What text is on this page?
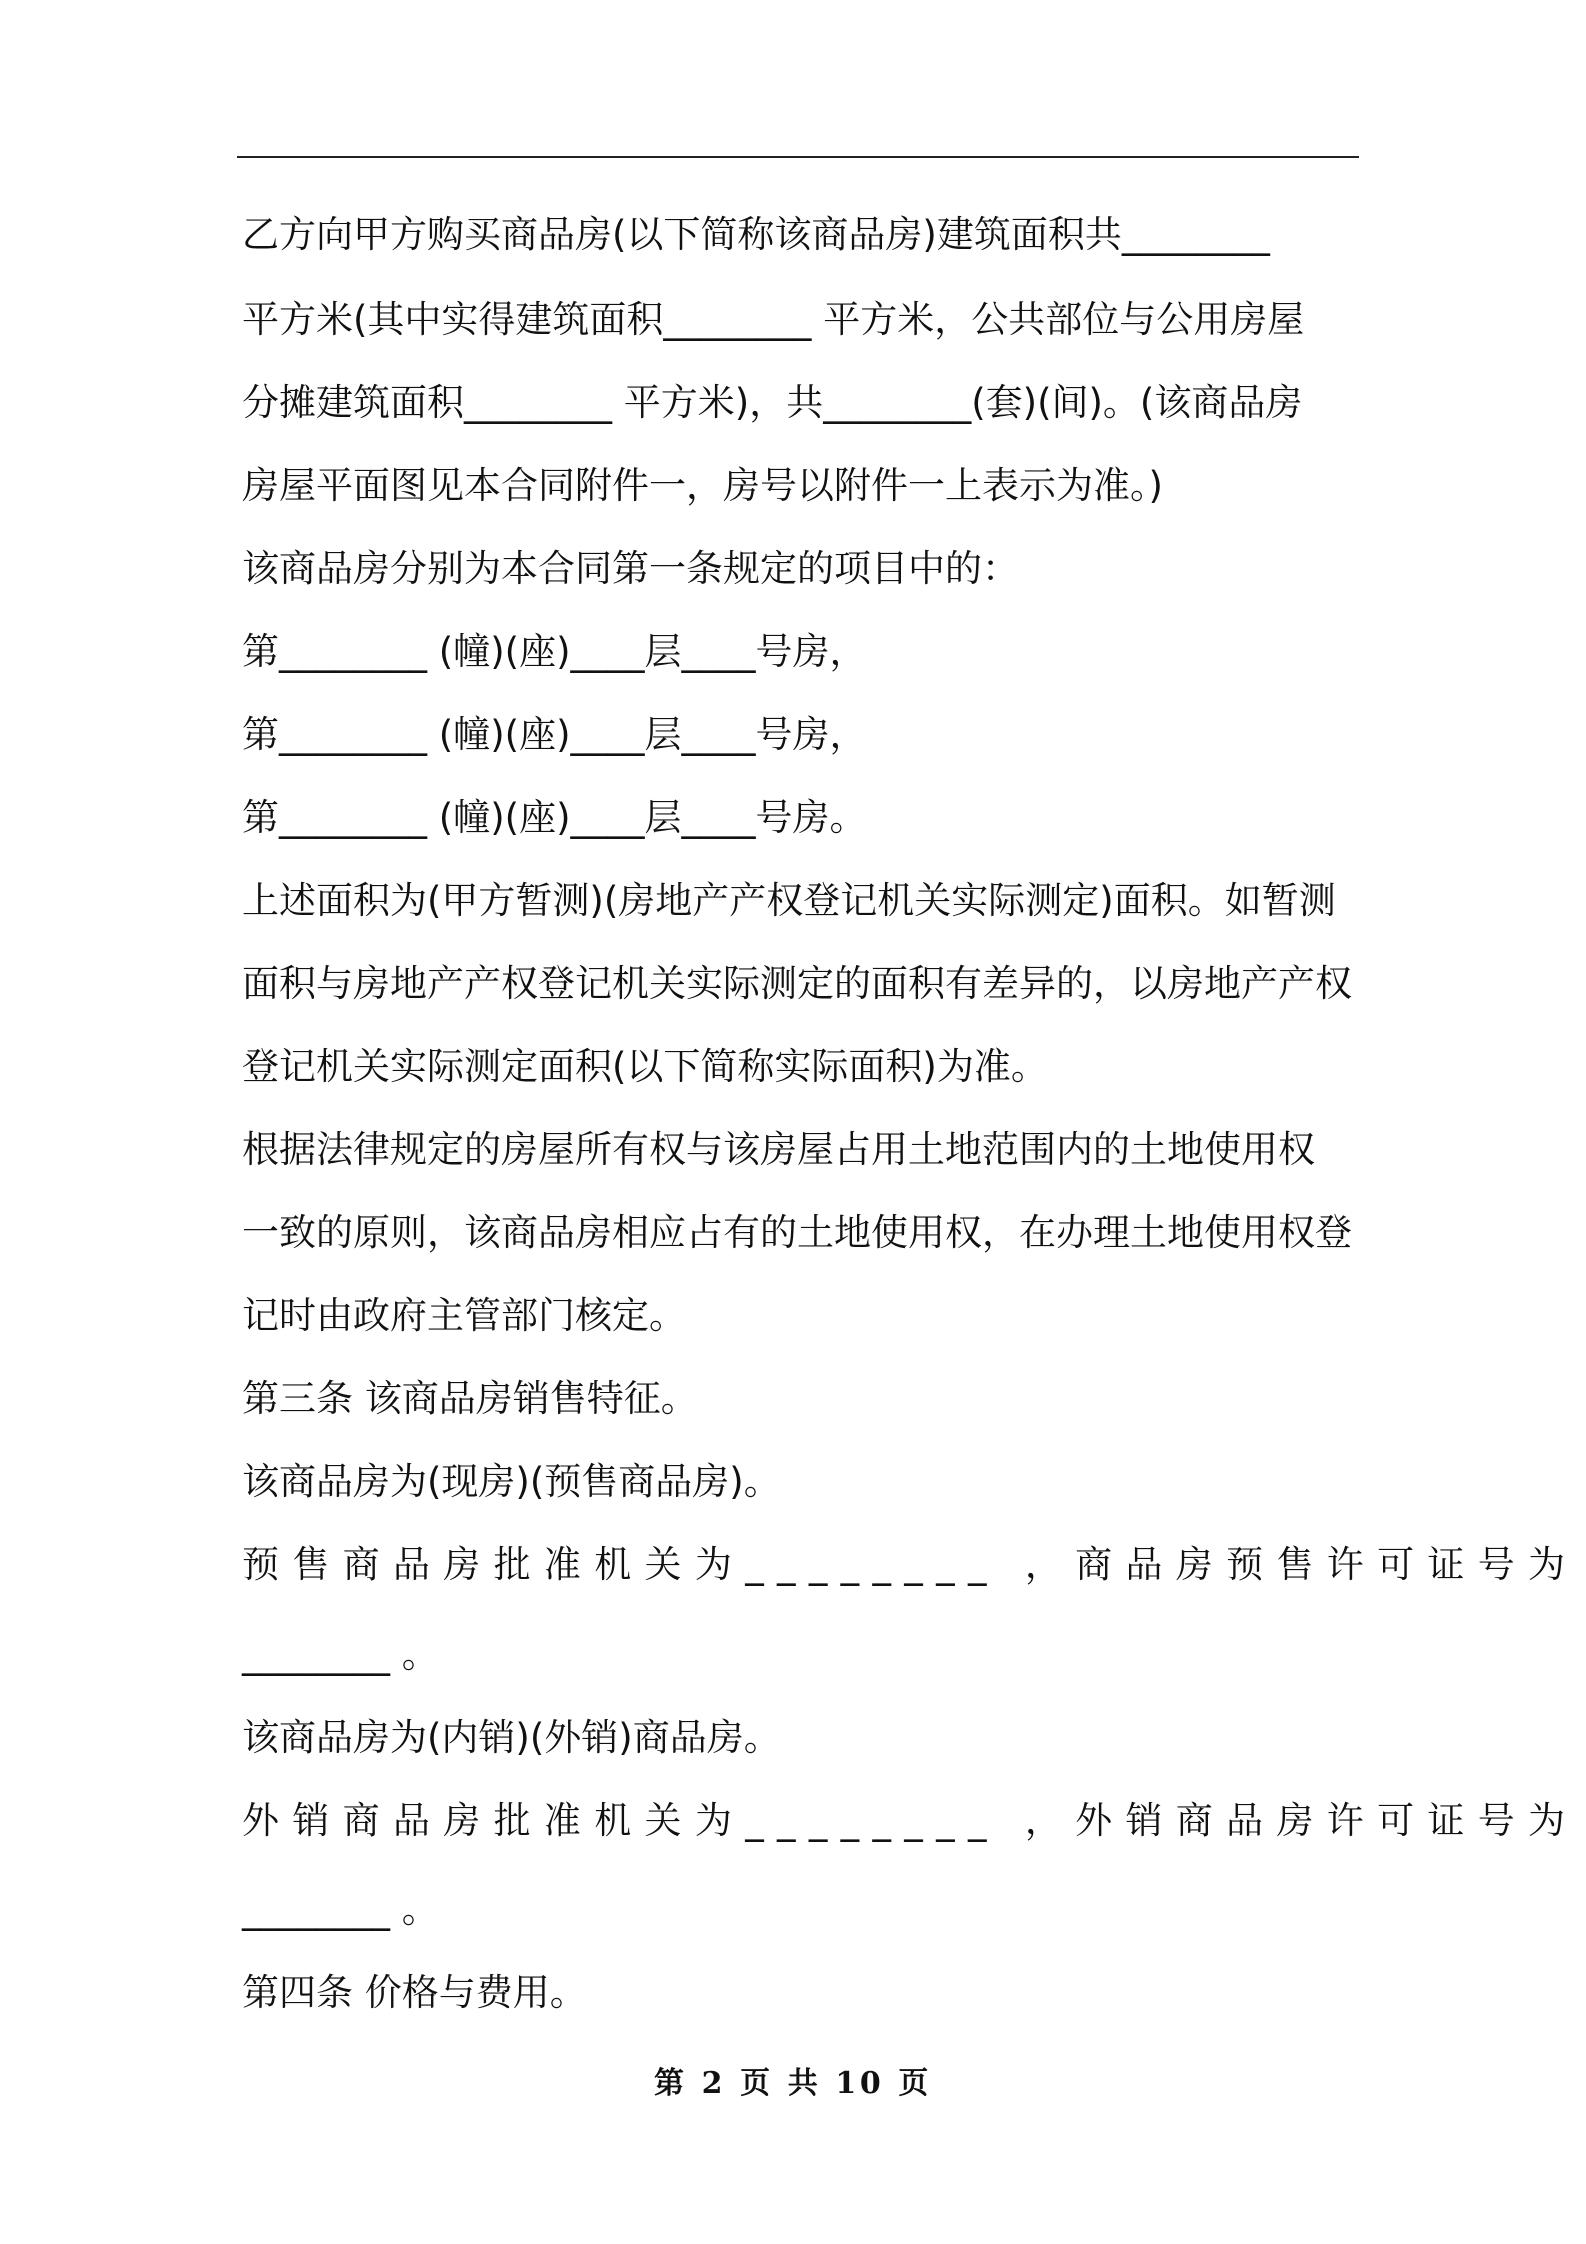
乙方向甲方购买商品房(以下简称该商品房)建筑面积共________
平方米(其中实得建筑面积________ 平方米，公共部位与公用房屋
分摊建筑面积________ 平方米)，共________(套)(间)。(该商品房
房屋平面图见本合同附件一，房号以附件一上表示为准。)
该商品房分别为本合同第一条规定的项目中的：
第________ (幢)(座)____层____号房，
第________ (幢)(座)____层____号房，
第________ (幢)(座)____层____号房。
上述面积为(甲方暂测)(房地产产权登记机关实际测定)面积。如暂测
面积与房地产产权登记机关实际测定的面积有差异的，以房地产产权
登记机关实际测定面积(以下简称实际面积)为准。
根据法律规定的房屋所有权与该房屋占用土地范围内的土地使用权
一致的原则，该商品房相应占有的土地使用权，在办理土地使用权登
记时由政府主管部门核定。
第三条 该商品房销售特征。
该商品房为(现房)(预售商品房)。
预售商品房批准机关为________ ，商品房预售许可证号为
________ 。
该商品房为(内销)(外销)商品房。
外销商品房批准机关为________ ，外销商品房许可证号为
________ 。
第四条 价格与费用。
第 2 页 共 10 页
